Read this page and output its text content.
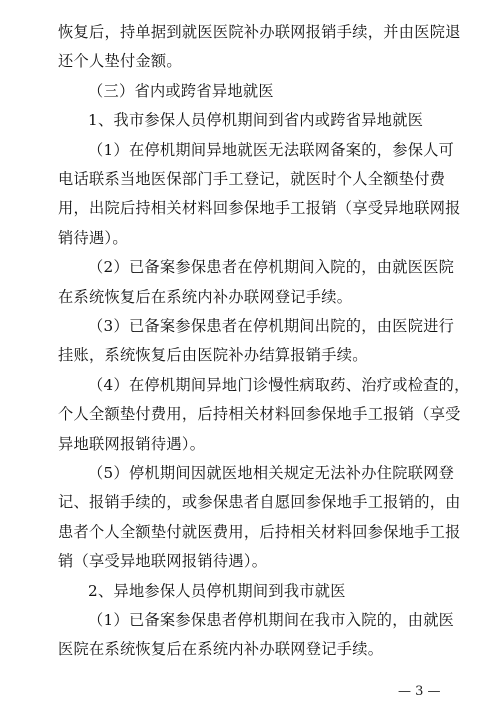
恢复后，持单据到就医医院补办联网报销手续，并由医院退
还个人垫付金额。
（三）省内或跨省异地就医
1、我市参保人员停机期间到省内或跨省异地就医
（1）在停机期间异地就医无法联网备案的，参保人可
电话联系当地医保部门手工登记，就医时个人全额垫付费
用，出院后持相关材料回参保地手工报销（享受异地联网报
销待遇）。
（2）已备案参保患者在停机期间入院的，由就医医院
在系统恢复后在系统内补办联网登记手续。
（3）已备案参保患者在停机期间出院的，由医院进行
挂账，系统恢复后由医院补办结算报销手续。
（4）在停机期间异地门诊慢性病取药、治疗或检查的，
个人全额垫付费用，后持相关材料回参保地手工报销（享受
异地联网报销待遇）。
（5）停机期间因就医地相关规定无法补办住院联网登
记、报销手续的，或参保患者自愿回参保地手工报销的，由
患者个人全额垫付就医费用，后持相关材料回参保地手工报
销（享受异地联网报销待遇）。
2、异地参保人员停机期间到我市就医
（1）已备案参保患者停机期间在我市入院的，由就医
医院在系统恢复后在系统内补办联网登记手续。
— 3 —
